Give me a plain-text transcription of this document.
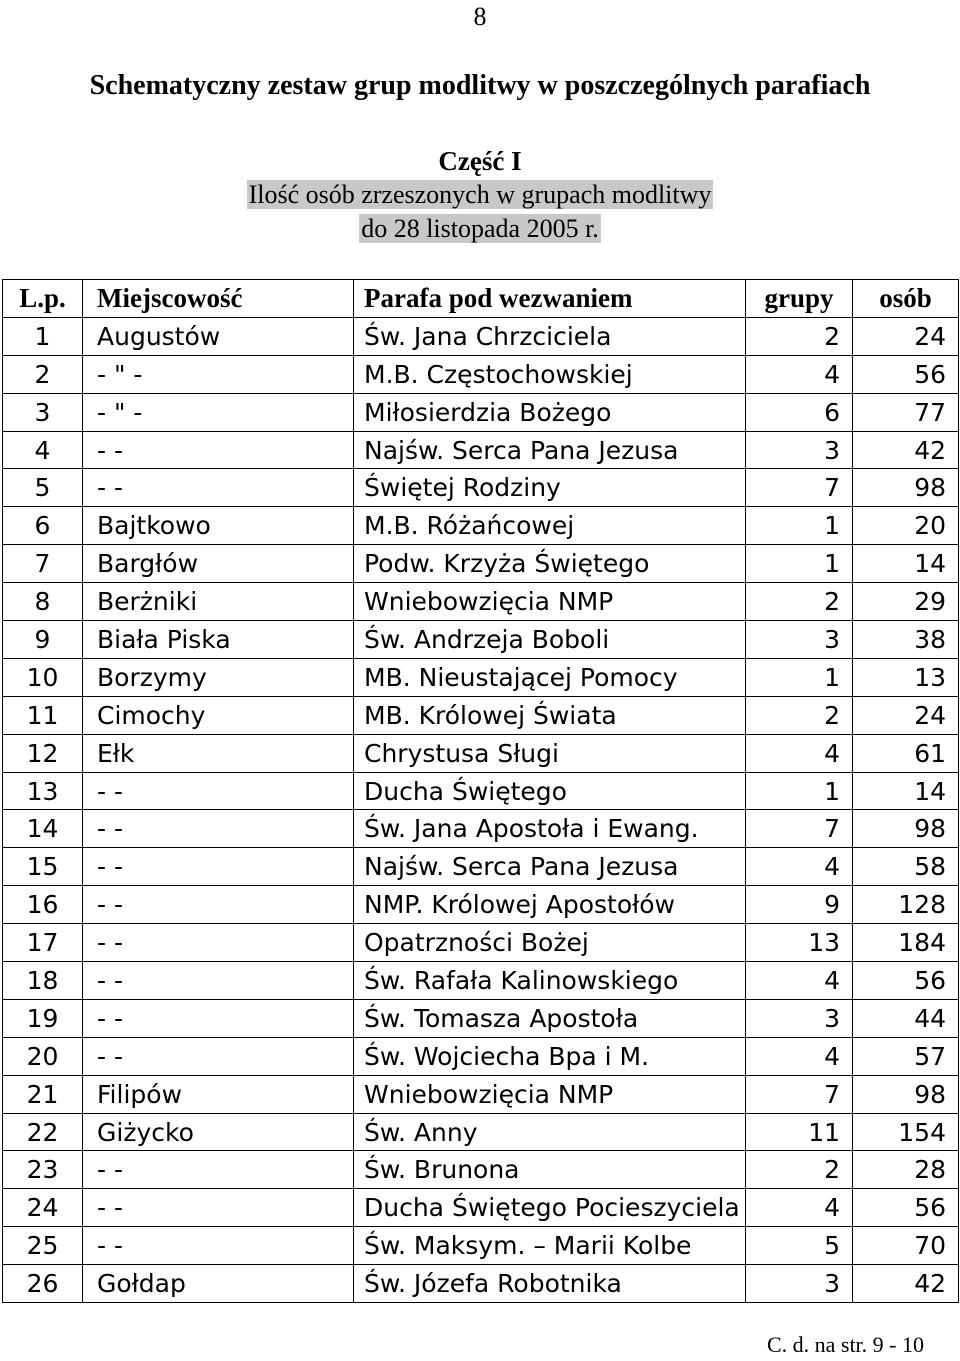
8
Schematyczny zestaw grup modlitwy w poszczególnych parafiach
Część I
Ilość osób zrzeszonych w grupach modlitwy
do 28 listopada 2005 r.
L.p.	Miejscowość	Parafa pod wezwaniem	grupy	osób
1	Augustów	Św. Jana Chrzciciela	2	24
2	- " -	M.B. Częstochowskiej	4	56
3	- " -	Miłosierdzia Bożego	6	77
4	- -	Najśw. Serca Pana Jezusa	3	42
5	- -	Świętej Rodziny	7	98
6	Bajtkowo	M.B. Różańcowej	1	20
7	Bargłów	Podw. Krzyża Świętego	1	14
8	Berżniki	Wniebowzięcia NMP	2	29
9	Biała Piska	Św. Andrzeja Boboli	3	38
10	Borzymy	MB. Nieustającej Pomocy	1	13
11	Cimochy	MB. Królowej Świata	2	24
12	Ełk	Chrystusa Sługi	4	61
13	- -	Ducha Świętego	1	14
14	- -	Św. Jana Apostoła i Ewang.	7	98
15	- -	Najśw. Serca Pana Jezusa	4	58
16	- -	NMP. Królowej Apostołów	9	128
17	- -	Opatrzności Bożej	13	184
18	- -	Św. Rafała Kalinowskiego	4	56
19	- -	Św. Tomasza Apostoła	3	44
20	- -	Św. Wojciecha Bpa i M.	4	57
21	Filipów	Wniebowzięcia NMP	7	98
22	Giżycko	Św. Anny	11	154
23	- -	Św. Brunona	2	28
24	- -	Ducha Świętego Pocieszyciela	4	56
25	- -	Św. Maksym. – Marii Kolbe	5	70
26	Gołdap	Św. Józefa Robotnika	3	42
C. d. na str. 9 - 10
